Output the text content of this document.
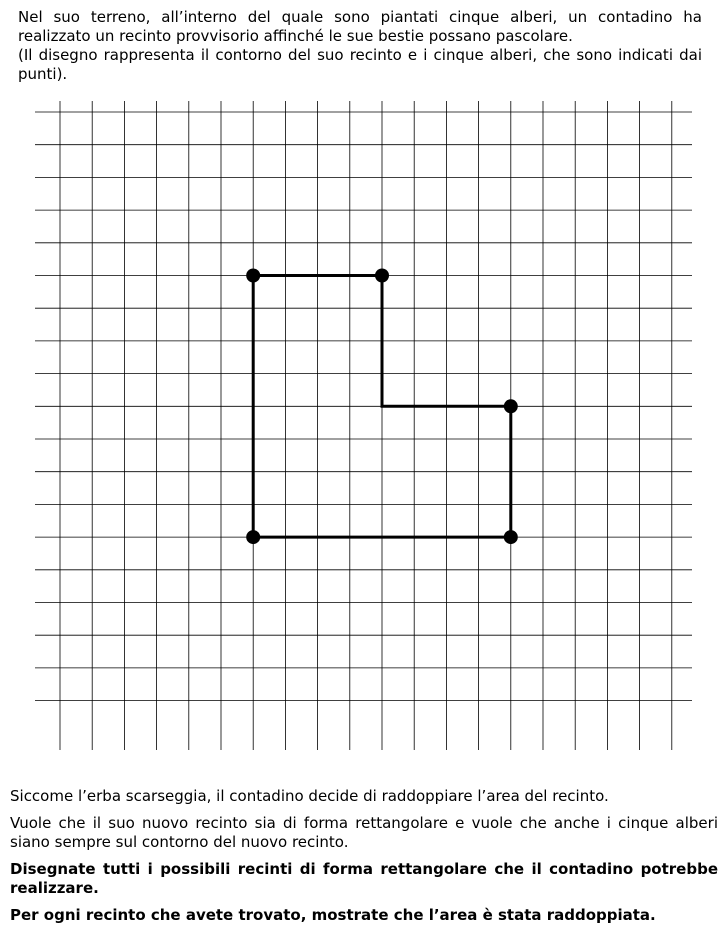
Nel suo terreno, all’interno del quale sono piantati cinque alberi, un contadino ha realizzato un recinto provvisorio affinché le sue bestie possano pascolare.

(Il disegno rappresenta il contorno del suo recinto e i cinque alberi, che sono indicati dai punti).

Siccome l’erba scarseggia, il contadino decide di raddoppiare l’area del recinto.

Vuole che il suo nuovo recinto sia di forma rettangolare e vuole che anche i cinque alberi siano sempre sul contorno del nuovo recinto.

Disegnate tutti i possibili recinti di forma rettangolare che il contadino potrebbe realizzare.

Per ogni recinto che avete trovato, mostrate che l’area è stata raddoppiata.
